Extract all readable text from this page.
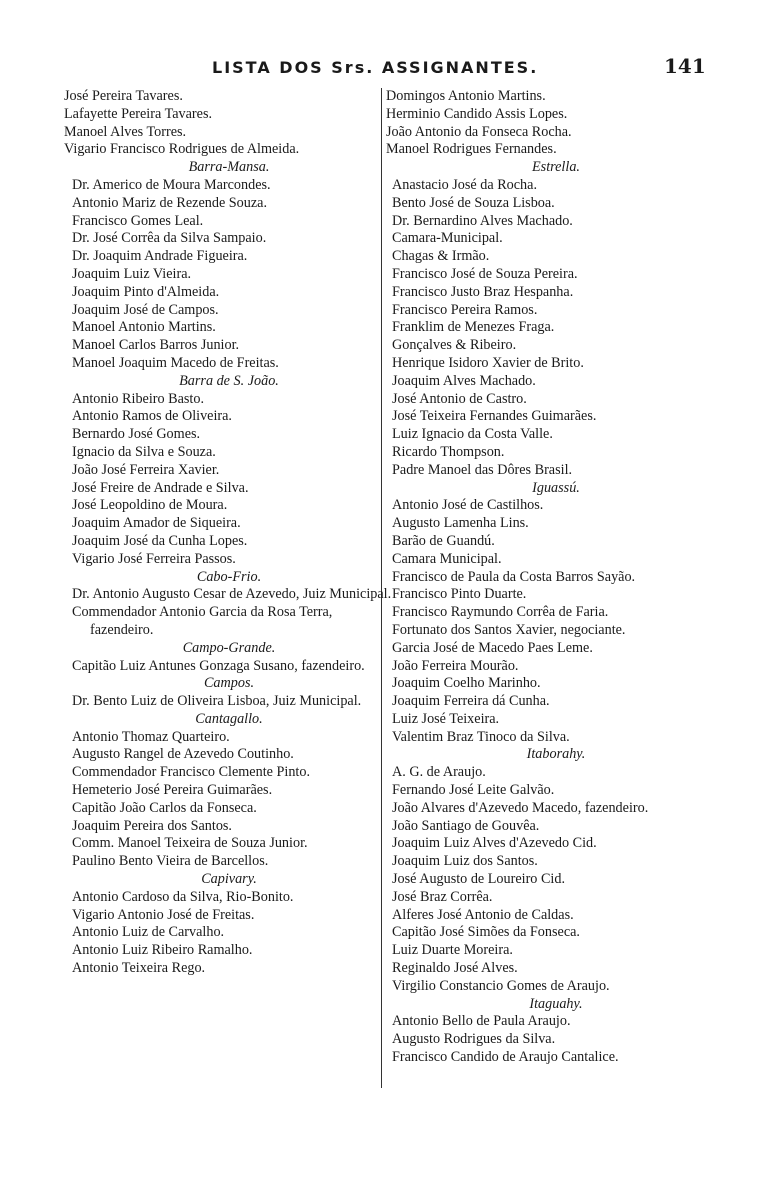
LISTA DOS Srs. ASSIGNANTES.	141
José Pereira Tavares.
Lafayette Pereira Tavares.
Manoel Alves Torres.
Vigario Francisco Rodrigues de Almeida.
Barra-Mansa.
Dr. Americo de Moura Marcondes.
Antonio Mariz de Rezende Souza.
Francisco Gomes Leal.
Dr. José Corrêa da Silva Sampaio.
Dr. Joaquim Andrade Figueira.
Joaquim Luiz Vieira.
Joaquim Pinto d'Almeida.
Joaquim José de Campos.
Manoel Antonio Martins.
Manoel Carlos Barros Junior.
Manoel Joaquim Macedo de Freitas.
Barra de S. João.
Antonio Ribeiro Basto.
Antonio Ramos de Oliveira.
Bernardo José Gomes.
Ignacio da Silva e Souza.
João José Ferreira Xavier.
José Freire de Andrade e Silva.
José Leopoldino de Moura.
Joaquim Amador de Siqueira.
Joaquim José da Cunha Lopes.
Vigario José Ferreira Passos.
Cabo-Frio.
Dr. Antonio Augusto Cesar de Azevedo, Juiz Municipal.
Commendador Antonio Garcia da Rosa Terra, fazendeiro.
Campo-Grande.
Capitão Luiz Antunes Gonzaga Susano, fazendeiro.
Campos.
Dr. Bento Luiz de Oliveira Lisboa, Juiz Municipal.
Cantagallo.
Antonio Thomaz Quarteiro.
Augusto Rangel de Azevedo Coutinho.
Commendador Francisco Clemente Pinto.
Hemeterio José Pereira Guimarães.
Capitão João Carlos da Fonseca.
Joaquim Pereira dos Santos.
Comm. Manoel Teixeira de Souza Junior.
Paulino Bento Vieira de Barcellos.
Capivary.
Antonio Cardoso da Silva, Rio-Bonito.
Vigario Antonio José de Freitas.
Antonio Luiz de Carvalho.
Antonio Luiz Ribeiro Ramalho.
Antonio Teixeira Rego.
Domingos Antonio Martins.
Herminio Candido Assis Lopes.
João Antonio da Fonseca Rocha.
Manoel Rodrigues Fernandes.
Estrella.
Anastacio José da Rocha.
Bento José de Souza Lisboa.
Dr. Bernardino Alves Machado.
Camara-Municipal.
Chagas & Irmão.
Francisco José de Souza Pereira.
Francisco Justo Braz Hespanha.
Francisco Pereira Ramos.
Franklim de Menezes Fraga.
Gonçalves & Ribeiro.
Henrique Isidoro Xavier de Brito.
Joaquim Alves Machado.
José Antonio de Castro.
José Teixeira Fernandes Guimarães.
Luiz Ignacio da Costa Valle.
Ricardo Thompson.
Padre Manoel das Dôres Brasil.
Iguassú.
Antonio José de Castilhos.
Augusto Lamenha Lins.
Barão de Guandú.
Camara Municipal.
Francisco de Paula da Costa Barros Sayão.
Francisco Pinto Duarte.
Francisco Raymundo Corrêa de Faria.
Fortunato dos Santos Xavier, negociante.
Garcia José de Macedo Paes Leme.
João Ferreira Mourão.
Joaquim Coelho Marinho.
Joaquim Ferreira dá Cunha.
Luiz José Teixeira.
Valentim Braz Tinoco da Silva.
Itaborahy.
A. G. de Araujo.
Fernando José Leite Galvão.
João Alvares d'Azevedo Macedo, fazendeiro.
João Santiago de Gouvêa.
Joaquim Luiz Alves d'Azevedo Cid.
Joaquim Luiz dos Santos.
José Augusto de Loureiro Cid.
José Braz Corrêa.
Alferes José Antonio de Caldas.
Capitão José Simões da Fonseca.
Luiz Duarte Moreira.
Reginaldo José Alves.
Virgilio Constancio Gomes de Araujo.
Itaguahy.
Antonio Bello de Paula Araujo.
Augusto Rodrigues da Silva.
Francisco Candido de Araujo Cantalice.
